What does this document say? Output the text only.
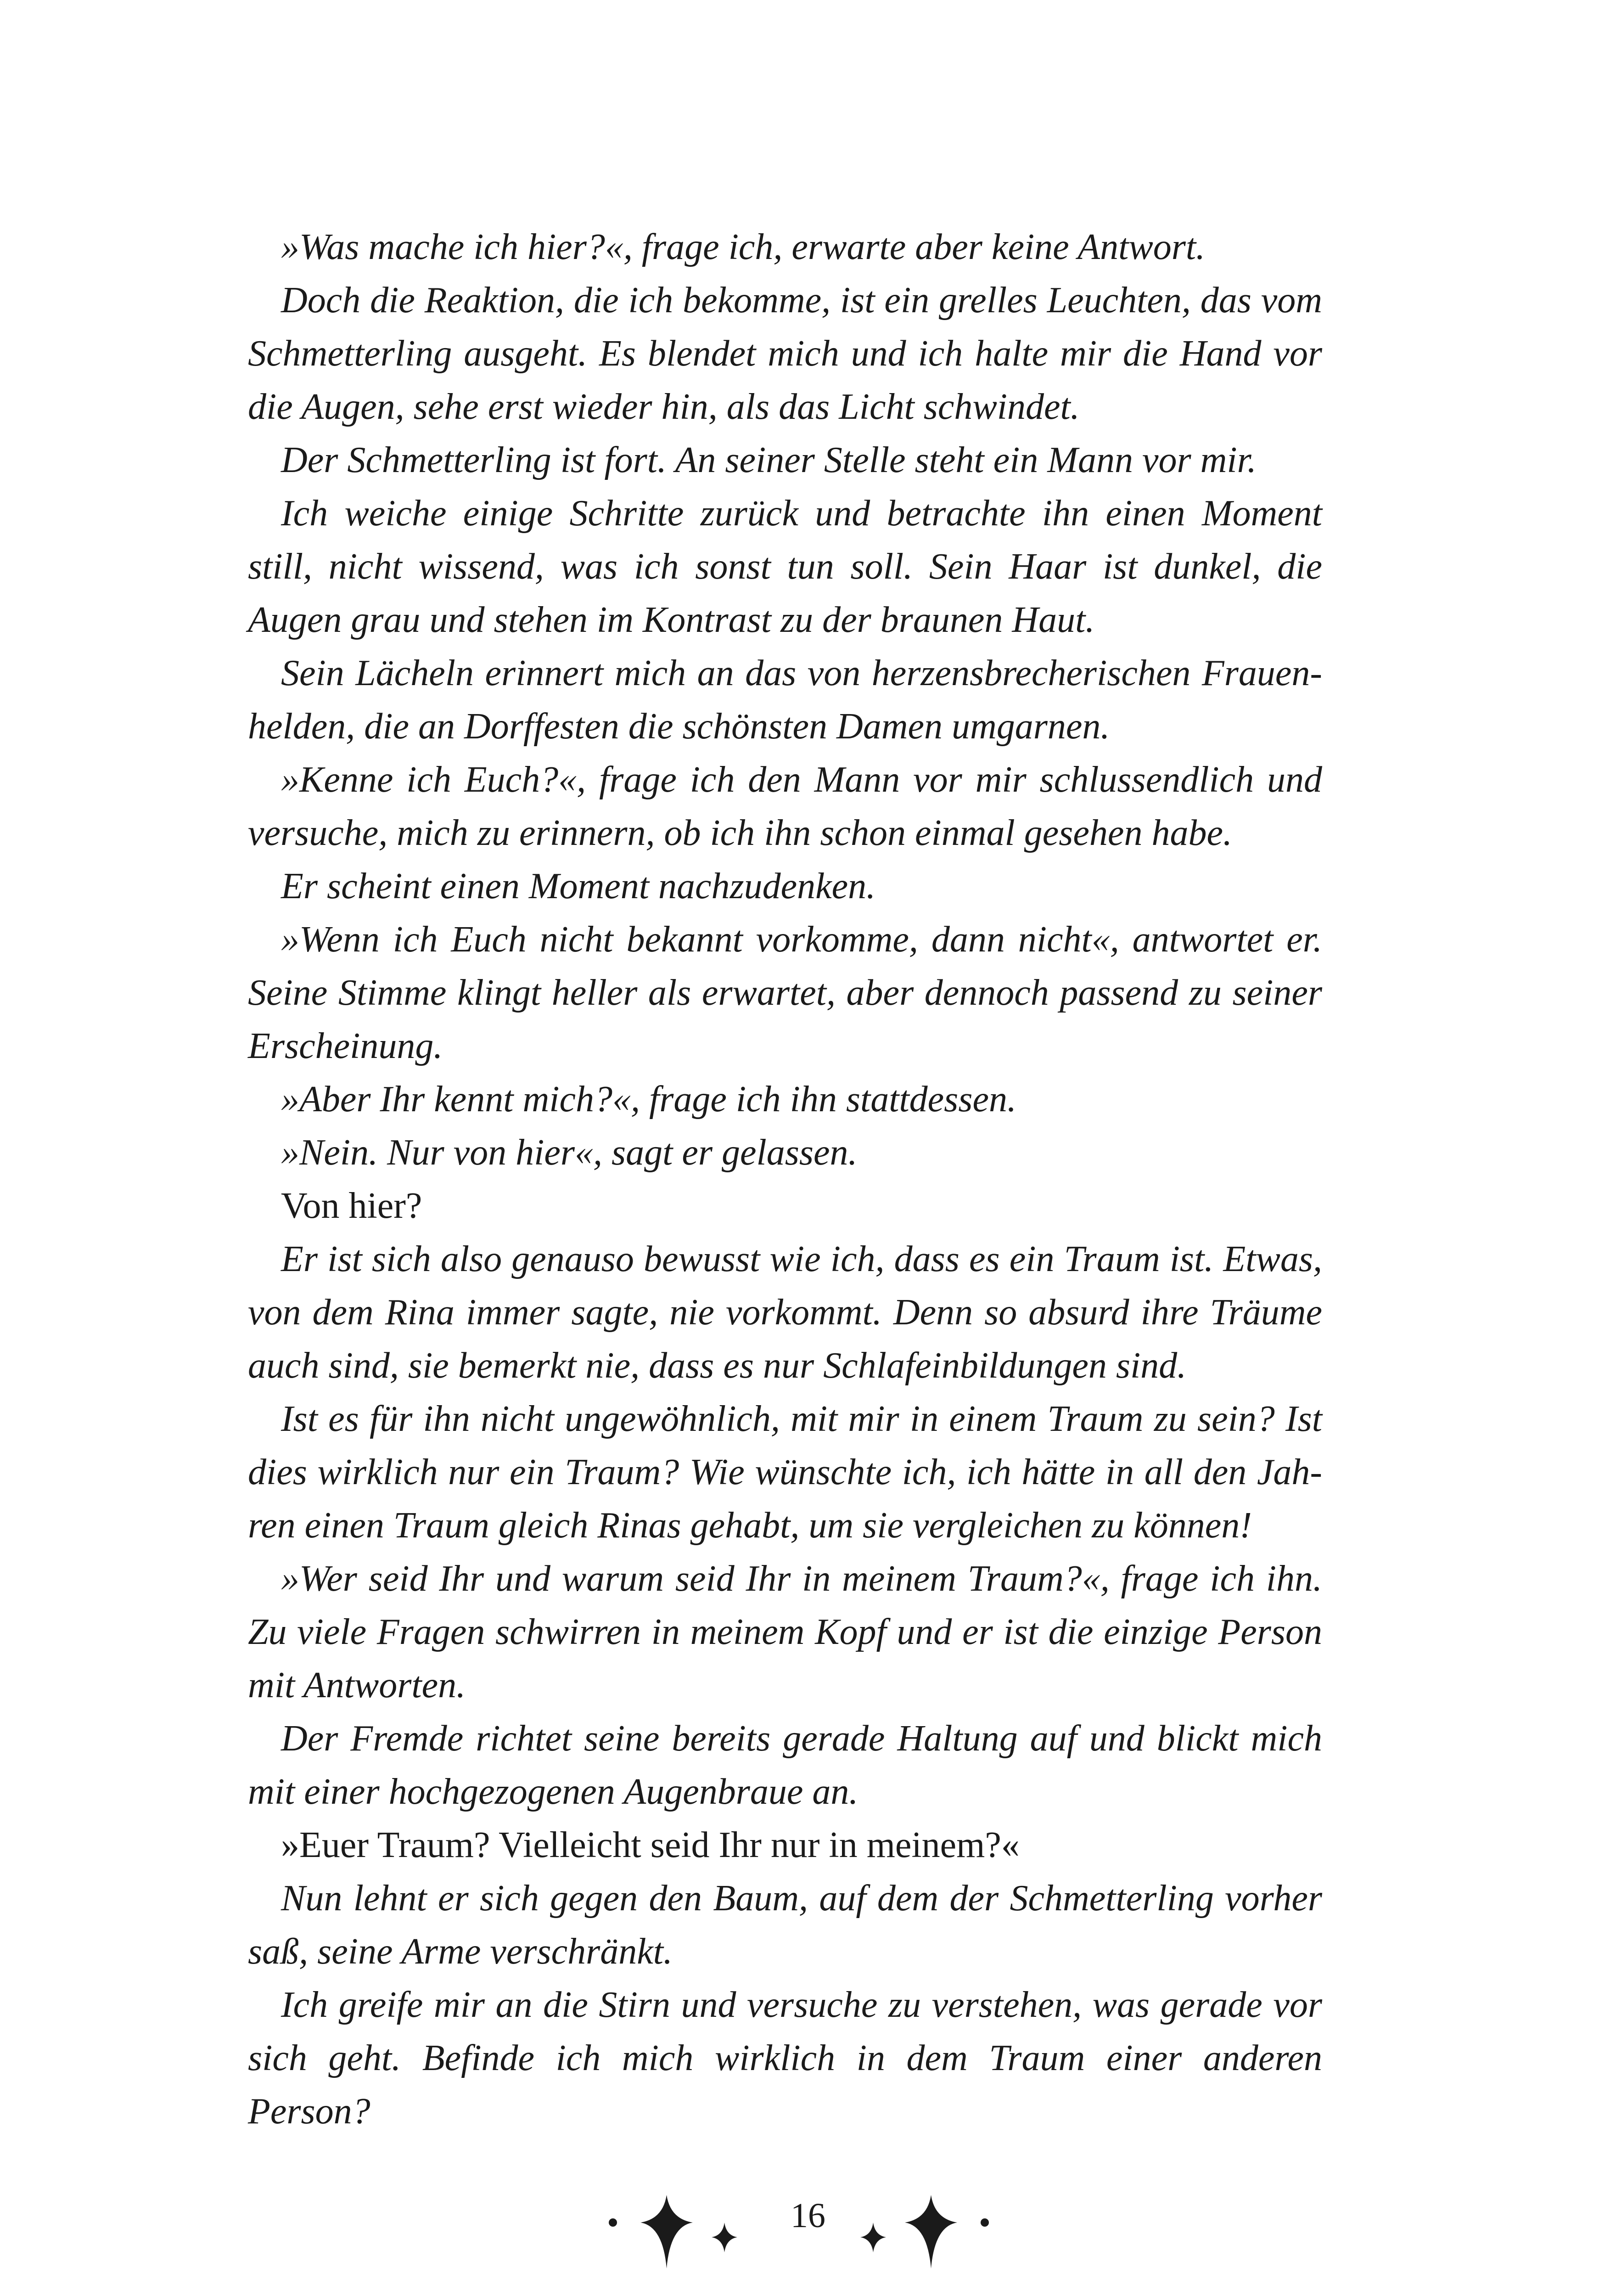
»Was mache ich hier?«, frage ich, erwarte aber keine Antwort.

Doch die Reaktion, die ich bekomme, ist ein grelles Leuchten, das vom Schmetterling ausgeht. Es blendet mich und ich halte mir die Hand vor die Augen, sehe erst wieder hin, als das Licht schwindet.

Der Schmetterling ist fort. An seiner Stelle steht ein Mann vor mir.

Ich weiche einige Schritte zurück und betrachte ihn einen Moment still, nicht wissend, was ich sonst tun soll. Sein Haar ist dunkel, die Augen grau und stehen im Kontrast zu der braunen Haut.

Sein Lächeln erinnert mich an das von herzensbrecherischen Frauenhelden, die an Dorffesten die schönsten Damen umgarnen.

»Kenne ich Euch?«, frage ich den Mann vor mir schlussendlich und versuche, mich zu erinnern, ob ich ihn schon einmal gesehen habe.

Er scheint einen Moment nachzudenken.

»Wenn ich Euch nicht bekannt vorkomme, dann nicht«, antwortet er. Seine Stimme klingt heller als erwartet, aber dennoch passend zu seiner Erscheinung.

»Aber Ihr kennt mich?«, frage ich ihn stattdessen.

»Nein. Nur von hier«, sagt er gelassen.

Von hier?

Er ist sich also genauso bewusst wie ich, dass es ein Traum ist. Etwas, von dem Rina immer sagte, nie vorkommt. Denn so absurd ihre Träume auch sind, sie bemerkt nie, dass es nur Schlafeinbildungen sind.

Ist es für ihn nicht ungewöhnlich, mit mir in einem Traum zu sein? Ist dies wirklich nur ein Traum? Wie wünschte ich, ich hätte in all den Jahren einen Traum gleich Rinas gehabt, um sie vergleichen zu können!

»Wer seid Ihr und warum seid Ihr in meinem Traum?«, frage ich ihn. Zu viele Fragen schwirren in meinem Kopf und er ist die einzige Person mit Antworten.

Der Fremde richtet seine bereits gerade Haltung auf und blickt mich mit einer hochgezogenen Augenbraue an.

»Euer Traum? Vielleicht seid Ihr nur in meinem?«

Nun lehnt er sich gegen den Baum, auf dem der Schmetterling vorher saß, seine Arme verschränkt.

Ich greife mir an die Stirn und versuche zu verstehen, was gerade vor sich geht. Befinde ich mich wirklich in dem Traum einer anderen Person?

16
